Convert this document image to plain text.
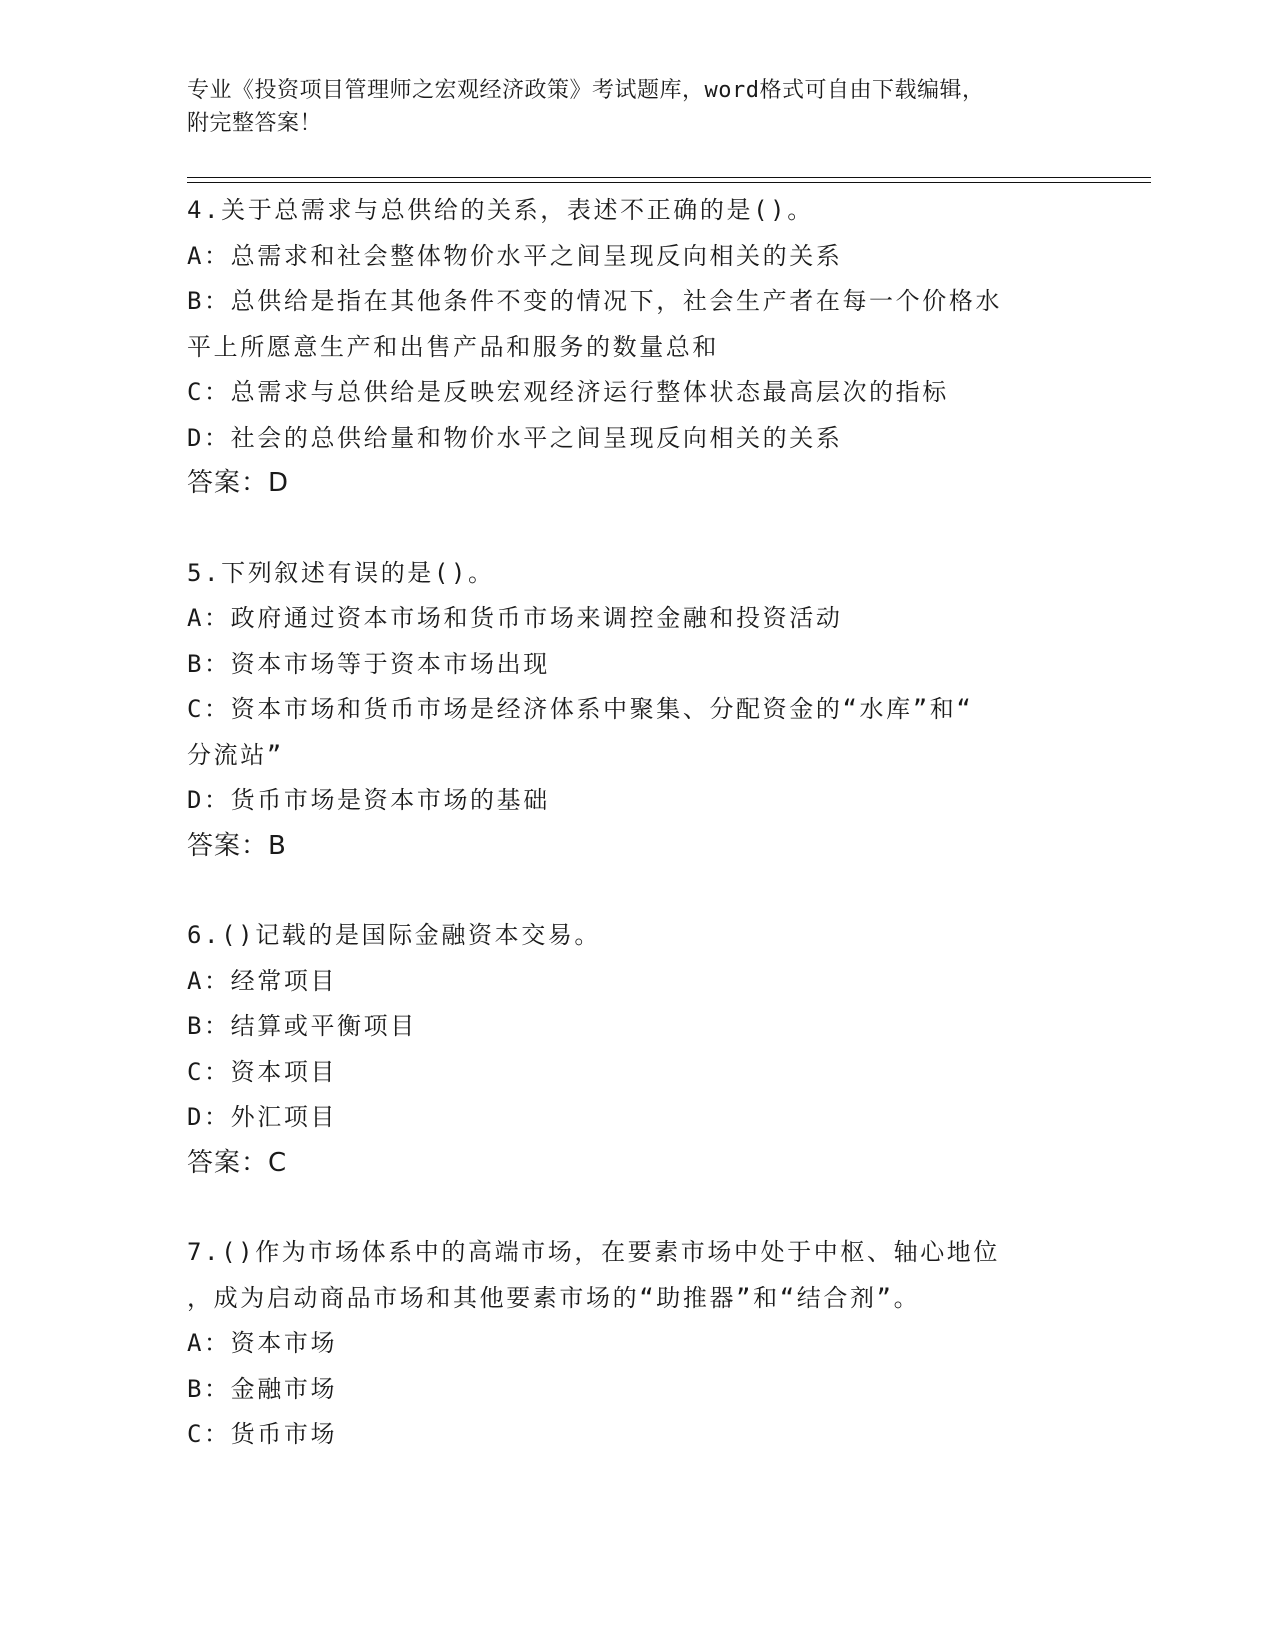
专业《投资项目管理师之宏观经济政策》考试题库，word格式可自由下载编辑，
附完整答案！
4.关于总需求与总供给的关系，表述不正确的是()。
A：总需求和社会整体物价水平之间呈现反向相关的关系
B：总供给是指在其他条件不变的情况下，社会生产者在每一个价格水
平上所愿意生产和出售产品和服务的数量总和
C：总需求与总供给是反映宏观经济运行整体状态最高层次的指标
D：社会的总供给量和物价水平之间呈现反向相关的关系
答案：D
5.下列叙述有误的是()。
A：政府通过资本市场和货币市场来调控金融和投资活动
B：资本市场等于资本市场出现
C：资本市场和货币市场是经济体系中聚集、分配资金的“水库”和“
分流站”
D：货币市场是资本市场的基础
答案：B
6.()记载的是国际金融资本交易。
A：经常项目
B：结算或平衡项目
C：资本项目
D：外汇项目
答案：C
7.()作为市场体系中的高端市场，在要素市场中处于中枢、轴心地位
，成为启动商品市场和其他要素市场的“助推器”和“结合剂”。
A：资本市场
B：金融市场
C：货币市场
